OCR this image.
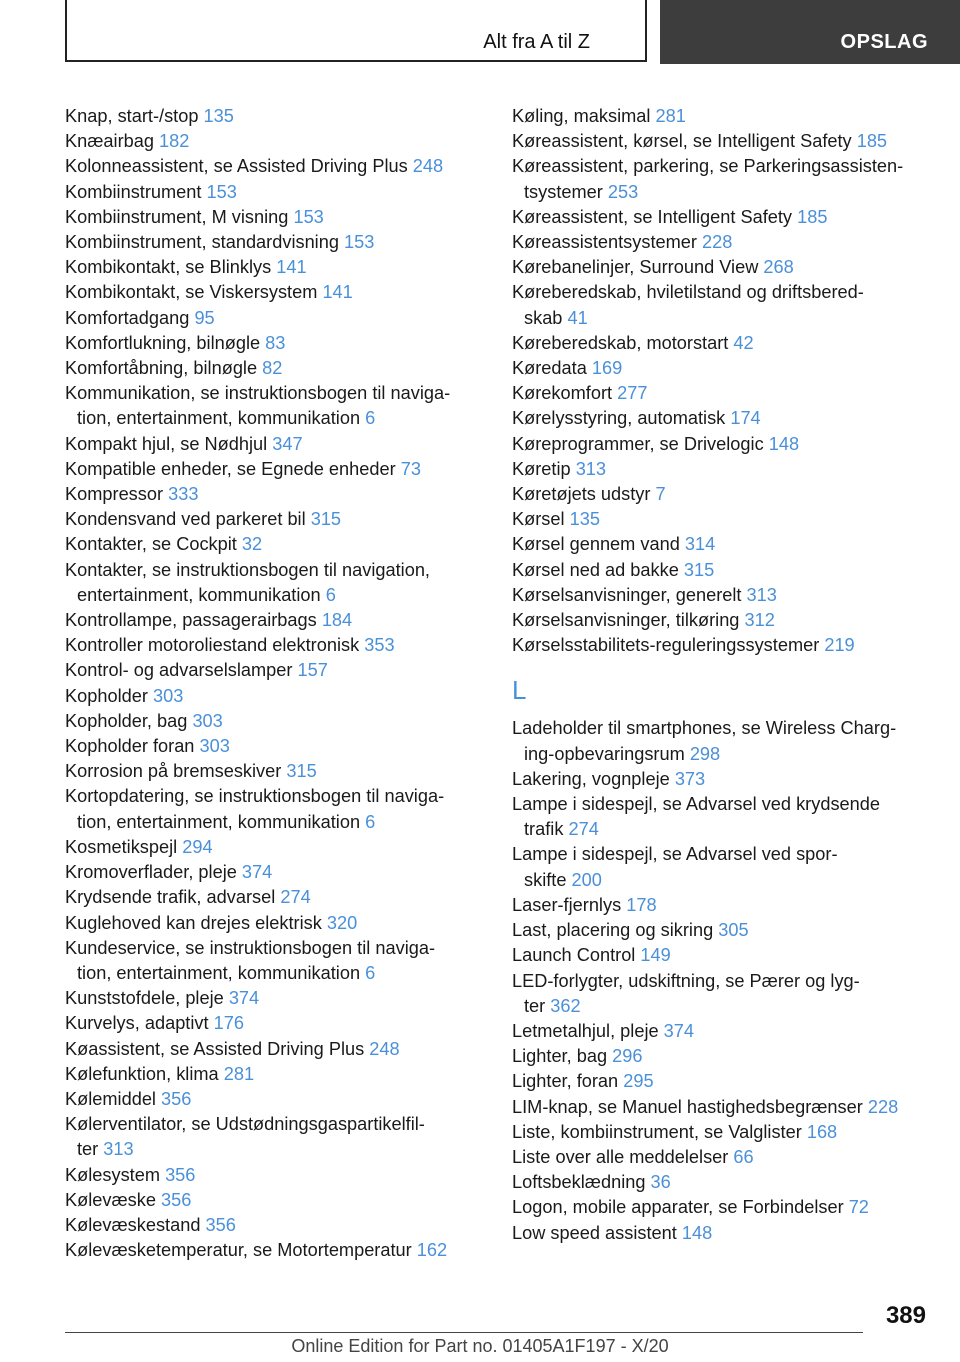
Alt fra A til Z	OPSLAG
Knap, start-/stop 135
Knæairbag 182
Kolonneassistent, se Assisted Driving Plus 248
Kombiinstrument 153
Kombiinstrument, M visning 153
Kombiinstrument, standardvisning 153
Kombikontakt, se Blinklys 141
Kombikontakt, se Viskersystem 141
Komfortadgang 95
Komfortlukning, bilnøgle 83
Komfortåbning, bilnøgle 82
Kommunikation, se instruktionsbogen til naviga-
tion, entertainment, kommunikation 6
Kompakt hjul, se Nødhjul 347
Kompatible enheder, se Egnede enheder 73
Kompressor 333
Kondensvand ved parkeret bil 315
Kontakter, se Cockpit 32
Kontakter, se instruktionsbogen til navigation,
entertainment, kommunikation 6
Kontrollampe, passagerairbags 184
Kontroller motoroliestand elektronisk 353
Kontrol- og advarselslamper 157
Kopholder 303
Kopholder, bag 303
Kopholder foran 303
Korrosion på bremseskiver 315
Kortopdatering, se instruktionsbogen til naviga-
tion, entertainment, kommunikation 6
Kosmetikspejl 294
Kromoverflader, pleje 374
Krydsende trafik, advarsel 274
Kuglehoved kan drejes elektrisk 320
Kundeservice, se instruktionsbogen til naviga-
tion, entertainment, kommunikation 6
Kunststofdele, pleje 374
Kurvelys, adaptivt 176
Køassistent, se Assisted Driving Plus 248
Kølefunktion, klima 281
Kølemiddel 356
Kølerventilator, se Udstødningsgaspartikelfil-
ter 313
Kølesystem 356
Kølevæske 356
Kølevæskestand 356
Kølevæsketemperatur, se Motortemperatur 162
Køling, maksimal 281
Køreassistent, kørsel, se Intelligent Safety 185
Køreassistent, parkering, se Parkeringsassisten-
tsystemer 253
Køreassistent, se Intelligent Safety 185
Køreassistentsystemer 228
Kørebanelinjer, Surround View 268
Køreberedskab, hviletilstand og driftsbered-
skab 41
Køreberedskab, motorstart 42
Køredata 169
Kørekomfort 277
Kørelysstyring, automatisk 174
Køreprogrammer, se Drivelogic 148
Køretip 313
Køretøjets udstyr 7
Kørsel 135
Kørsel gennem vand 314
Kørsel ned ad bakke 315
Kørselsanvisninger, generelt 313
Kørselsanvisninger, tilkøring 312
Kørselsstabilitets-reguleringssystemer 219
L
Ladeholder til smartphones, se Wireless Charg-
ing-opbevaringsrum 298
Lakering, vognpleje 373
Lampe i sidespejl, se Advarsel ved krydsende
trafik 274
Lampe i sidespejl, se Advarsel ved spor-
skifte 200
Laser-fjernlys 178
Last, placering og sikring 305
Launch Control 149
LED-forlygter, udskiftning, se Pærer og lyg-
ter 362
Letmetalhjul, pleje 374
Lighter, bag 296
Lighter, foran 295
LIM-knap, se Manuel hastighedsbegrænser 228
Liste, kombiinstrument, se Valglister 168
Liste over alle meddelelser 66
Loftsbeklædning 36
Logon, mobile apparater, se Forbindelser 72
Low speed assistent 148
389
Online Edition for Part no. 01405A1F197 - X/20
